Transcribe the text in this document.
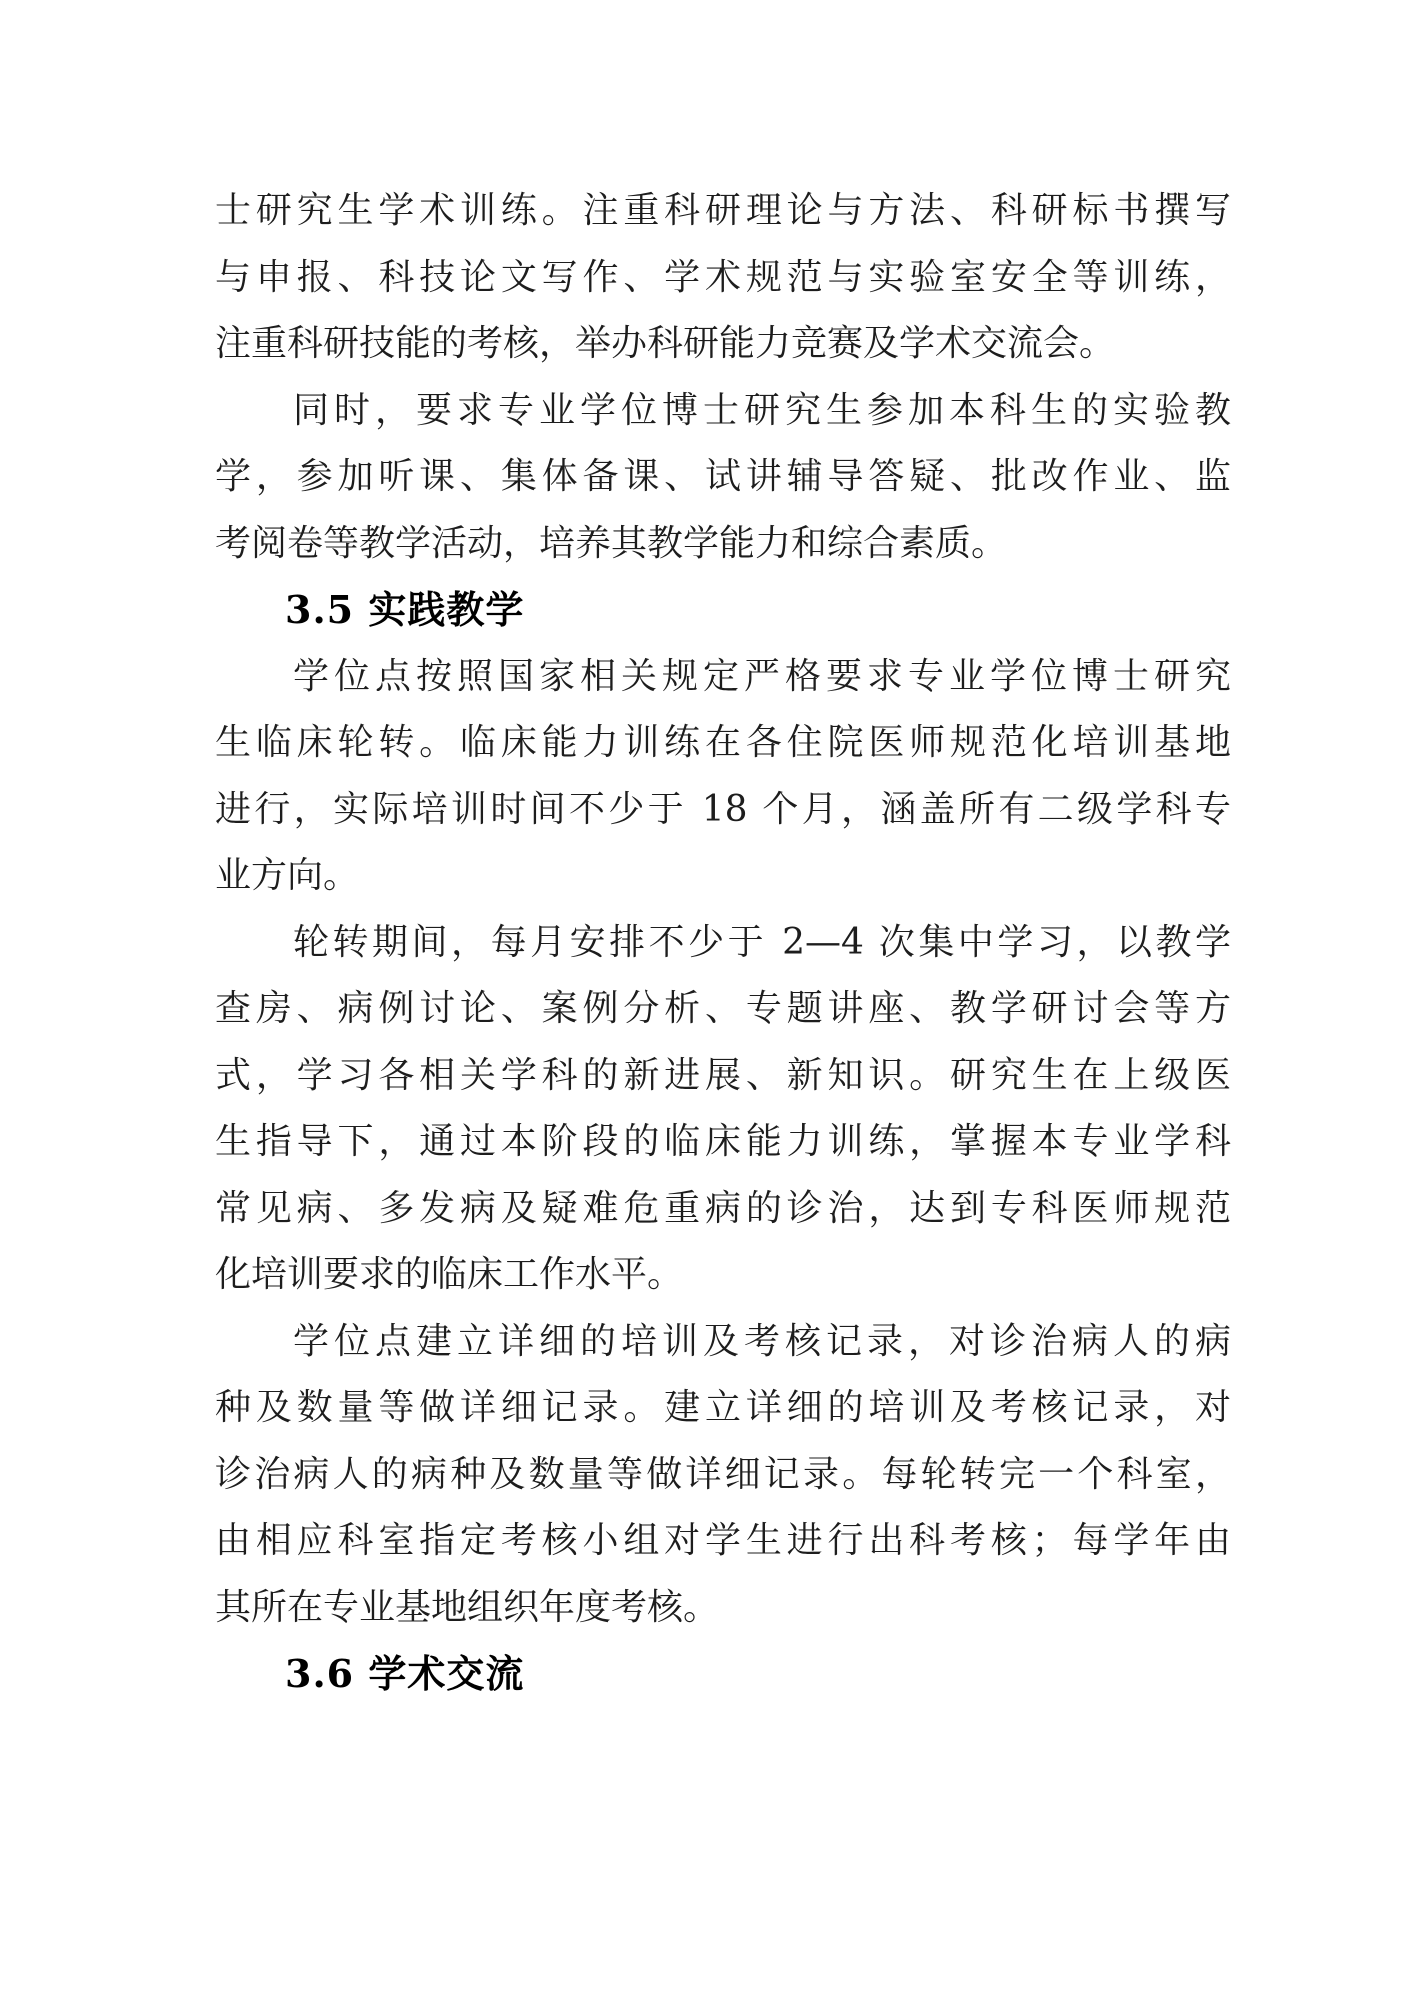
士研究生学术训练。注重科研理论与方法、科研标书撰写
与申报、科技论文写作、学术规范与实验室安全等训练，
注重科研技能的考核，举办科研能力竞赛及学术交流会。
同时，要求专业学位博士研究生参加本科生的实验教
学，参加听课、集体备课、试讲辅导答疑、批改作业、监
考阅卷等教学活动，培养其教学能力和综合素质。
3.5 实践教学
学位点按照国家相关规定严格要求专业学位博士研究
生临床轮转。临床能力训练在各住院医师规范化培训基地
进行，实际培训时间不少于 18 个月，涵盖所有二级学科专
业方向。
轮转期间，每月安排不少于 2—4 次集中学习，以教学
查房、病例讨论、案例分析、专题讲座、教学研讨会等方
式，学习各相关学科的新进展、新知识。研究生在上级医
生指导下，通过本阶段的临床能力训练，掌握本专业学科
常见病、多发病及疑难危重病的诊治，达到专科医师规范
化培训要求的临床工作水平。
学位点建立详细的培训及考核记录，对诊治病人的病
种及数量等做详细记录。建立详细的培训及考核记录，对
诊治病人的病种及数量等做详细记录。每轮转完一个科室，
由相应科室指定考核小组对学生进行出科考核；每学年由
其所在专业基地组织年度考核。
3.6 学术交流
